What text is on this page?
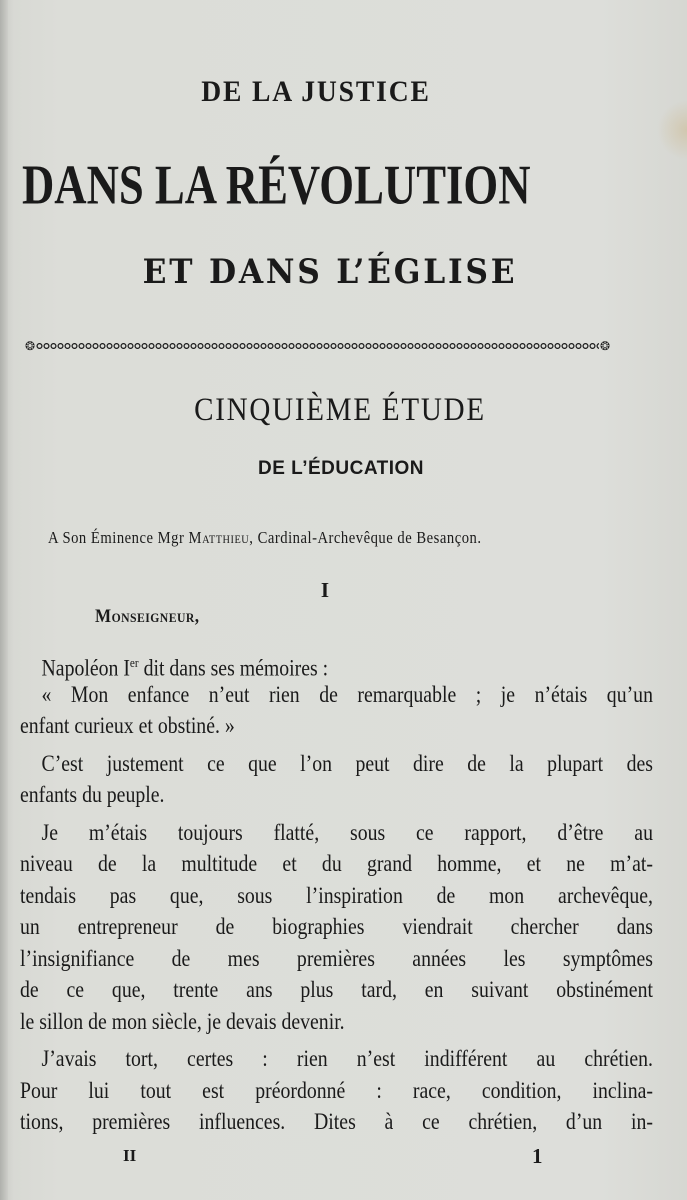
DE LA JUSTICE
DANS LA RÉVOLUTION
ET DANS L’ÉGLISE
❂	❂
CINQUIÈME ÉTUDE
DE L’ÉDUCATION
A Son Éminence Mgr Matthieu, Cardinal-Archevêque de Besançon.
I
Monseigneur,
Napoléon Ier dit dans ses mémoires :
« Mon enfance n’eut rien de remarquable ; je n’étais qu’un
enfant curieux et obstiné. »
C’est justement ce que l’on peut dire de la plupart des
enfants du peuple.
Je m’étais toujours flatté, sous ce rapport, d’être au
niveau de la multitude et du grand homme, et ne m’at-
tendais pas que, sous l’inspiration de mon archevêque,
un entrepreneur de biographies viendrait chercher dans
l’insignifiance de mes premières années les symptômes
de ce que, trente ans plus tard, en suivant obstinément
le sillon de mon siècle, je devais devenir.
J’avais tort, certes : rien n’est indifférent au chrétien.
Pour lui tout est préordonné : race, condition, inclina-
tions, premières influences. Dites à ce chrétien, d’un in-
II	1
